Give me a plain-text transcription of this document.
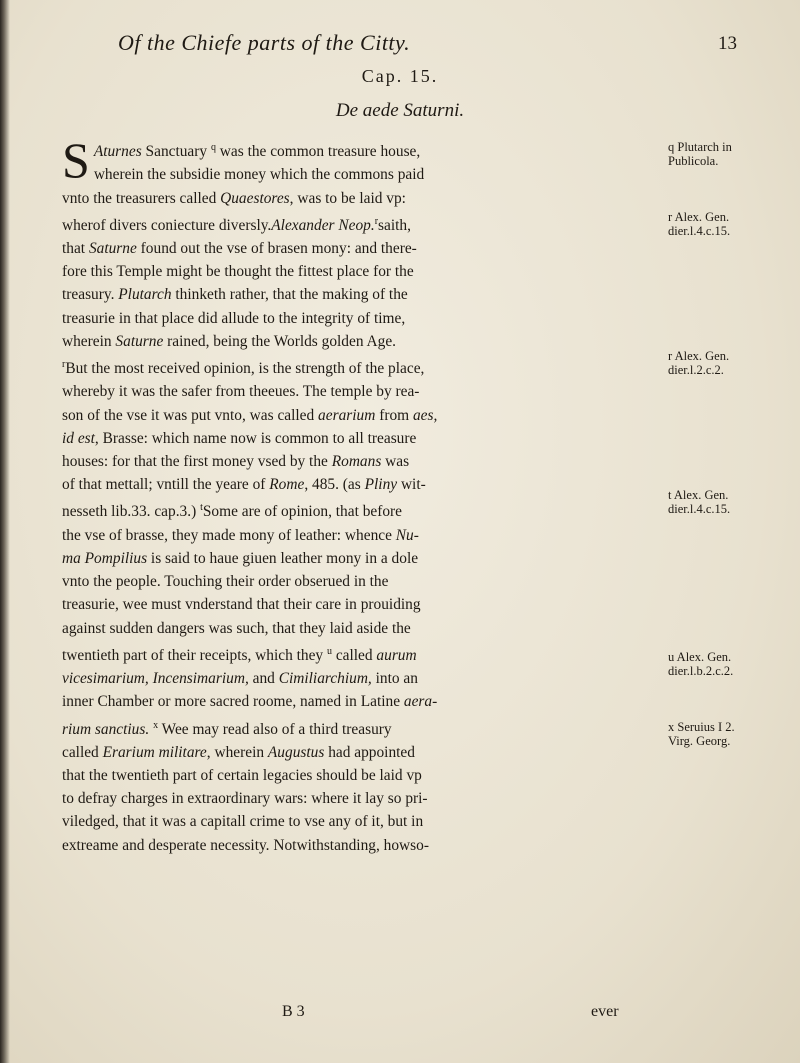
Of the Chiefe parts of the Citty.	13
Cap. 15.
De aede Saturni.
S Aturnes Sanctuary $^q$ was the common treasure house,
wherein the subsidie money which the commons paid
vnto the treasurers called Quaestores, was to be laid vp:
wherof divers coniecture diversly.Alexander Neop.$^r$saith,
that Saturne found out the vse of brasen mony: and there-
fore this Temple might be thought the fittest place for the
treasury. Plutarch thinketh rather, that the making of the
treasurie in that place did allude to the integrity of time,
wherein Saturne rained, being the Worlds golden Age.
$^r$But the most received opinion, is the strength of the place,
whereby it was the safer from theeues. The temple by rea-
son of the vse it was put vnto, was called aerarium from aes,
id est, Brasse: which name now is common to all treasure
houses: for that the first money vsed by the Romans was
of that mettall; vntill the yeare of Rome, 485. (as Pliny wit-
nesseth lib.33. cap.3.) $^t$Some are of opinion, that before
the vse of brasse, they made mony of leather: whence Nu-
ma Pompilius is said to haue giuen leather mony in a dole
vnto the people. Touching their order obserued in the
treasurie, wee must vnderstand that their care in prouiding
against sudden dangers was such, that they laid aside the
twentieth part of their receipts, which they $^u$ called aurum
vicesimarium, Incensimarium, and Cimiliarchium, into an
inner Chamber or more sacred roome, named in Latine aera-
rium sanctius. $^x$ Wee may read also of a third treasury
called Erarium militare, wherein Augustus had appointed
that the twentieth part of certain legacies should be laid vp
to defray charges in extraordinary wars: where it lay so pri-
viledged, that it was a capitall crime to vse any of it, but in
extreame and desperate necessity. Notwithstanding, howso-
q Plutarch in
Publicola.
r Alex. Gen.
dier.l.4.c.15.
r Alex. Gen.
dier.l.2.c.2.
t Alex. Gen.
dier.l.4.c.15.
u Alex. Gen.
dier.l.b.2.c.2.
x Seruius I 2.
Virg. Georg.
B 3	ever
